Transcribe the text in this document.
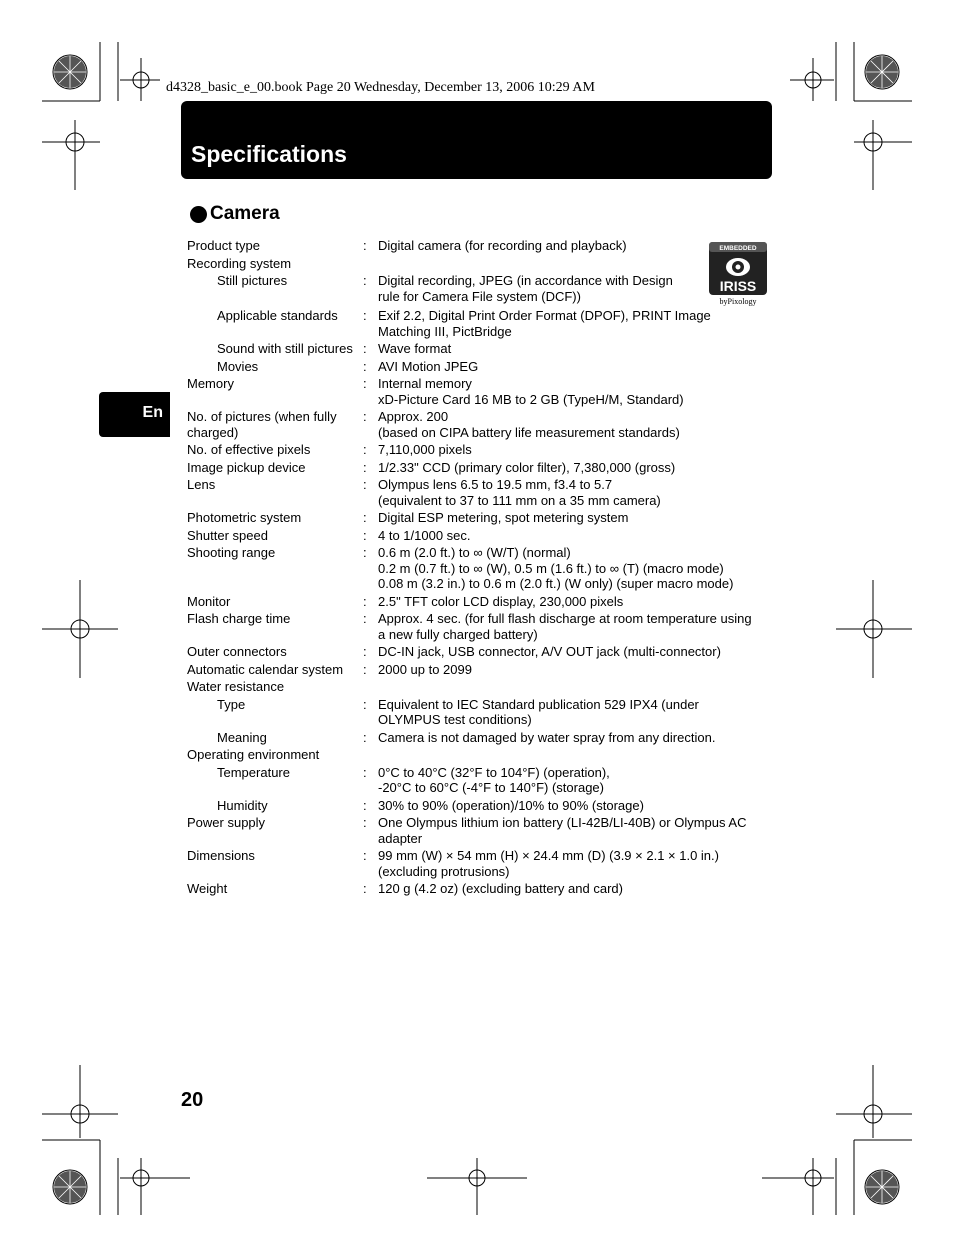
d4328_basic_e_00.book Page 20 Wednesday, December 13, 2006 10:29 AM
Specifications
En
Camera
EMBEDDED
IRISS
byPixology
Product type	: Digital camera (for recording and playback)
Recording system

Still pictures	: Digital recording, JPEG (in accordance with Design
rule for Camera File system (DCF))
Applicable standards	: Exif 2.2, Digital Print Order Format (DPOF), PRINT Image
Matching III, PictBridge
Sound with still pictures : Wave format
Movies	: AVI Motion JPEG
Memory	: Internal memory
xD-Picture Card 16 MB to 2 GB (TypeH/M, Standard)
No. of pictures (when fully charged)
: Approx. 200
(based on CIPA battery life measurement standards)
No. of effective pixels	: 7,110,000 pixels
Image pickup device	: 1/2.33" CCD (primary color filter), 7,380,000 (gross)
Lens	: Olympus lens 6.5 to 19.5 mm, f3.4 to 5.7
(equivalent to 37 to 111 mm on a 35 mm camera)
Photometric system	: Digital ESP metering, spot metering system
Shutter speed	: 4 to 1/1000 sec.
Shooting range	: 0.6 m (2.0 ft.) to ∞ (W/T) (normal)
0.2 m (0.7 ft.) to ∞ (W), 0.5 m (1.6 ft.) to ∞ (T) (macro mode)
0.08 m (3.2 in.) to 0.6 m (2.0 ft.) (W only) (super macro mode)
Monitor	: 2.5" TFT color LCD display, 230,000 pixels
Flash charge time	: Approx. 4 sec. (for full flash discharge at room temperature using
a new fully charged battery)
Outer connectors	: DC-IN jack, USB connector, A/V OUT jack (multi-connector)
Automatic calendar system	: 2000 up to 2099
Water resistance

Type	: Equivalent to IEC Standard publication 529 IPX4 (under
OLYMPUS test conditions)
Meaning	: Camera is not damaged by water spray from any direction.
Operating environment

Temperature	: 0°C to 40°C (32°F to 104°F) (operation),
-20°C to 60°C (-4°F to 140°F) (storage)
Humidity	: 30% to 90% (operation)/10% to 90% (storage)
Power supply	: One Olympus lithium ion battery (LI-42B/LI-40B) or Olympus AC
adapter
Dimensions	: 99 mm (W) × 54 mm (H) × 24.4 mm (D) (3.9 × 2.1 × 1.0 in.)
(excluding protrusions)
Weight	: 120 g (4.2 oz) (excluding battery and card)
20
